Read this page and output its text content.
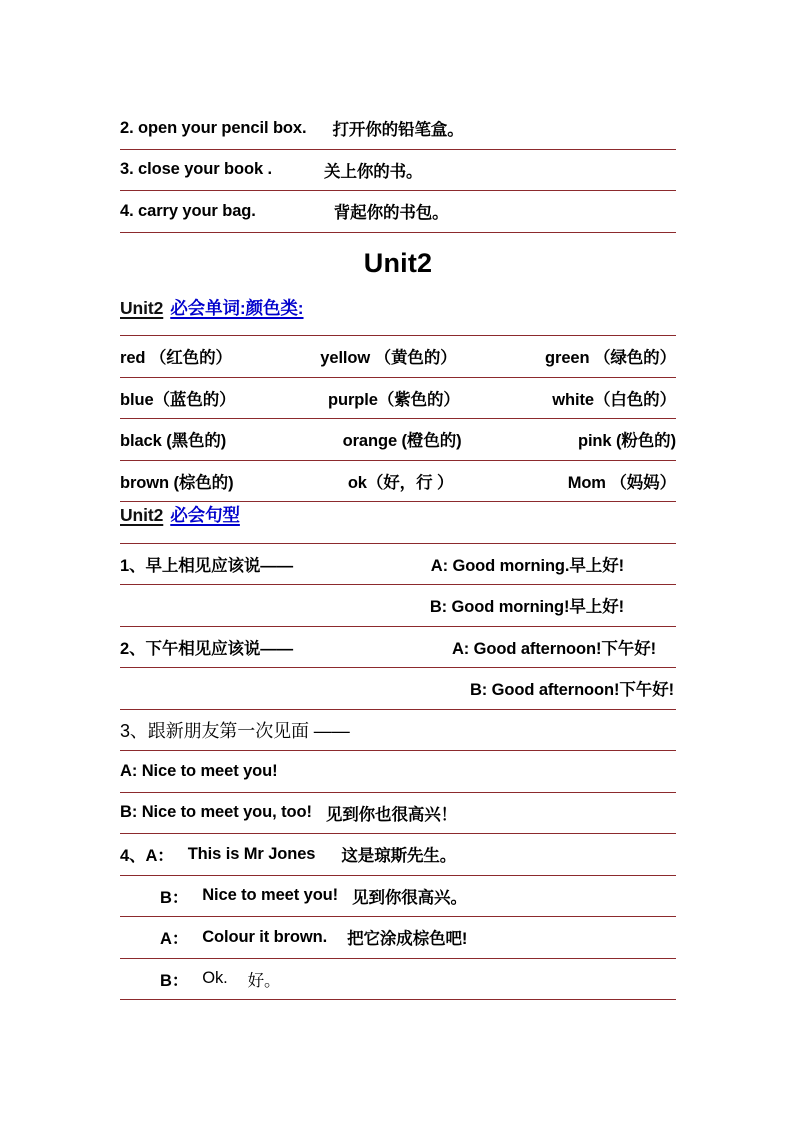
2. open your pencil box. 打开你的铅笔盒。
3. close your book .	关上你的书。
4. carry your bag.	背起你的书包。
Unit2
Unit2 必会单词:颜色类:
red （红色的）	yellow （黄色的）	green （绿色的）
blue（蓝色的）	purple（紫色的）	white（白色的）
black (黑色的)	orange (橙色的)	pink (粉色的)
brown (棕色的)	ok（好，行 ）	Mom （妈妈）
Unit2 必会句型
1、早上相见应该说——	A: Good morning.早上好!
B: Good morning!早上好!
2、下午相见应该说——	A: Good afternoon!下午好!
B: Good afternoon!下午好!
3、跟新朋友第一次见面 ——
A: Nice to meet you!
B: Nice to meet you, too! 见到你也很高兴！
4、 A： This is Mr Jones 这是琼斯先生。
B： Nice to meet you! 见到你很高兴。
A： Colour it brown. 把它涂成棕色吧!
B： Ok. 好。
